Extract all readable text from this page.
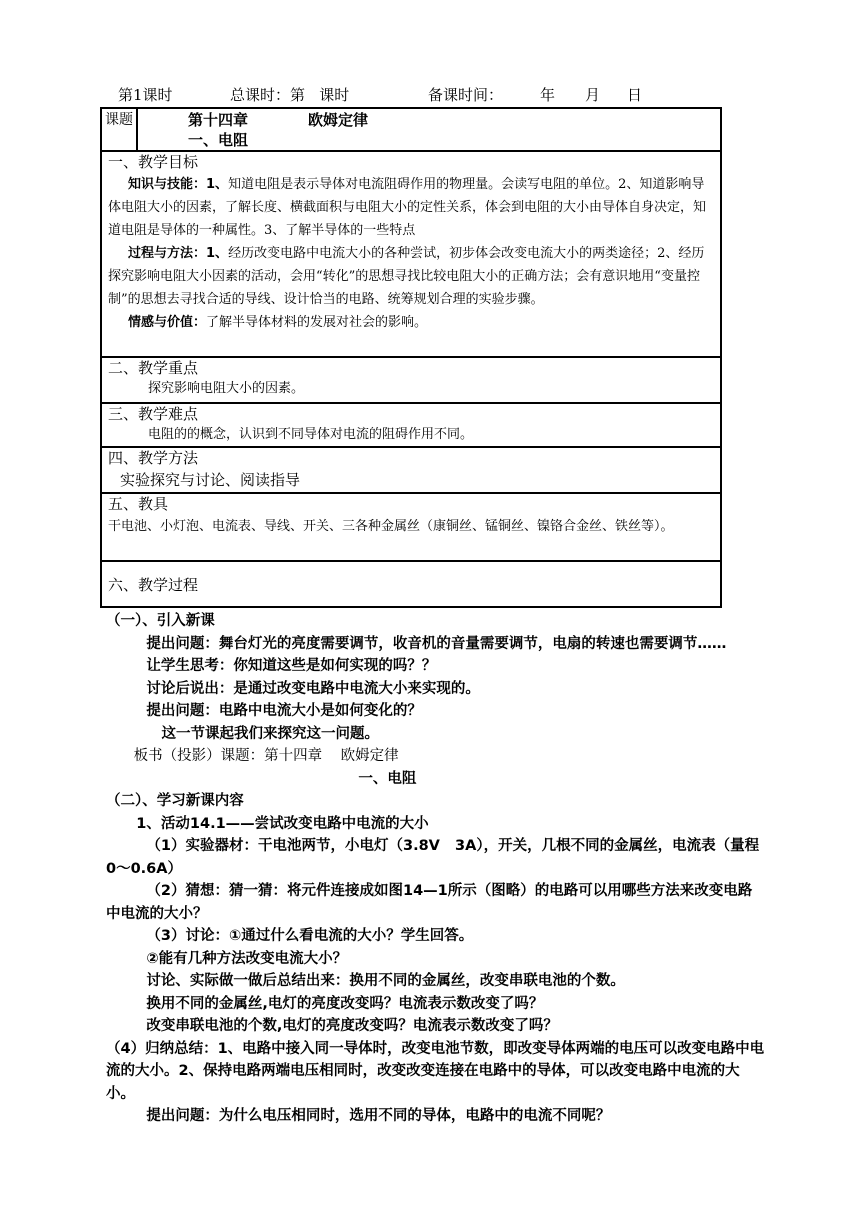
第1课时	总课时：第   课时	备课时间： 年 月 日
课题	第十四章	欧姆定律
一、电阻

一、教学目标
知识与技能：1、知道电阻是表示导体对电流阻碍作用的物理量。会读写电阻的单位。2、知道影响导体电阻大小的因素，了解长度、横截面积与电阻大小的定性关系，体会到电阻的大小由导体自身决定，知道电阻是导体的一种属性。3、了解半导体的一些特点
过程与方法：1、经历改变电路中电流大小的各种尝试，初步体会改变电流大小的两类途径；2、经历探究影响电阻大小因素的活动，会用“转化”的思想寻找比较电阻大小的正确方法；会有意识地用“变量控制”的思想去寻找合适的导线、设计恰当的电路、统筹规划合理的实验步骤。
情感与价值：了解半导体材料的发展对社会的影响。

二、教学重点
探究影响电阻大小的因素。

三、教学难点
电阻的的概念，认识到不同导体对电流的阻碍作用不同。

四、教学方法
实验探究与讨论、阅读指导

五、教具
干电池、小灯泡、电流表、导线、开关、三各种金属丝（康铜丝、锰铜丝、镍铬合金丝、铁丝等）。

六、教学过程

（一）、引入新课

提出问题：舞台灯光的亮度需要调节，收音机的音量需要调节，电扇的转速也需要调节……

让学生思考：你知道这些是如何实现的吗？？

讨论后说出：是通过改变电路中电流大小来实现的。

提出问题：电路中电流大小是如何变化的？

这一节课起我们来探究这一问题。

板书（投影）课题：第十四章    欧姆定律

一、电阻

（二）、学习新课内容

1、活动14.1——尝试改变电路中电流的大小

（1）实验器材：干电池两节，小电灯（3.8V   3A），开关，几根不同的金属丝，电流表（量程0～0.6A）

（2）猜想：猜一猜：将元件连接成如图14—1所示（图略）的电路可以用哪些方法来改变电路中电流的大小？

（3）讨论：①通过什么看电流的大小？学生回答。

②能有几种方法改变电流大小？

讨论、实际做一做后总结出来：换用不同的金属丝，改变串联电池的个数。

换用不同的金属丝,电灯的亮度改变吗？电流表示数改变了吗？

改变串联电池的个数,电灯的亮度改变吗？电流表示数改变了吗？

（4）归纳总结：1、电路中接入同一导体时，改变电池节数，即改变导体两端的电压可以改变电路中电流的大小。2、保持电路两端电压相同时，改变改变连接在电路中的导体，可以改变电路中电流的大小。

提出问题：为什么电压相同时，选用不同的导体，电路中的电流不同呢？
